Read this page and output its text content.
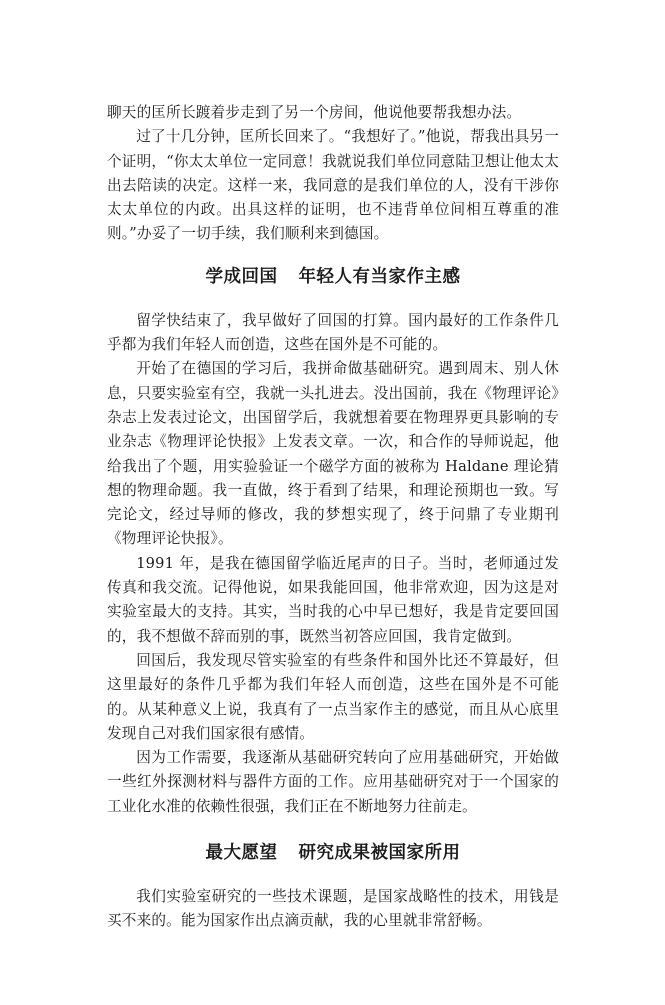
聊天的匡所长踱着步走到了另一个房间，他说他要帮我想办法。

过了十几分钟，匡所长回来了。“我想好了。”他说，帮我出具另一个证明，“你太太单位一定同意！我就说我们单位同意陆卫想让他太太出去陪读的决定。这样一来，我同意的是我们单位的人，没有干涉你太太单位的内政。出具这样的证明，也不违背单位间相互尊重的准则。”办妥了一切手续，我们顺利来到德国。

学成回国 年轻人有当家作主感

留学快结束了，我早做好了回国的打算。国内最好的工作条件几乎都为我们年轻人而创造，这些在国外是不可能的。

开始了在德国的学习后，我拼命做基础研究。遇到周末、别人休息，只要实验室有空，我就一头扎进去。没出国前，我在《物理评论》杂志上发表过论文，出国留学后，我就想着要在物理界更具影响的专业杂志《物理评论快报》上发表文章。一次，和合作的导师说起，他给我出了个题，用实验验证一个磁学方面的被称为 Haldane 理论猜想的物理命题。我一直做，终于看到了结果，和理论预期也一致。写完论文，经过导师的修改，我的梦想实现了，终于问鼎了专业期刊《物理评论快报》。

1991 年，是我在德国留学临近尾声的日子。当时，老师通过发传真和我交流。记得他说，如果我能回国，他非常欢迎，因为这是对实验室最大的支持。其实，当时我的心中早已想好，我是肯定要回国的，我不想做不辞而别的事，既然当初答应回国，我肯定做到。

回国后，我发现尽管实验室的有些条件和国外比还不算最好，但这里最好的条件几乎都为我们年轻人而创造，这些在国外是不可能的。从某种意义上说，我真有了一点当家作主的感觉，而且从心底里发现自己对我们国家很有感情。

因为工作需要，我逐渐从基础研究转向了应用基础研究，开始做一些红外探测材料与器件方面的工作。应用基础研究对于一个国家的工业化水准的依赖性很强，我们正在不断地努力往前走。

最大愿望 研究成果被国家所用

我们实验室研究的一些技术课题，是国家战略性的技术，用钱是买不来的。能为国家作出点滴贡献，我的心里就非常舒畅。
